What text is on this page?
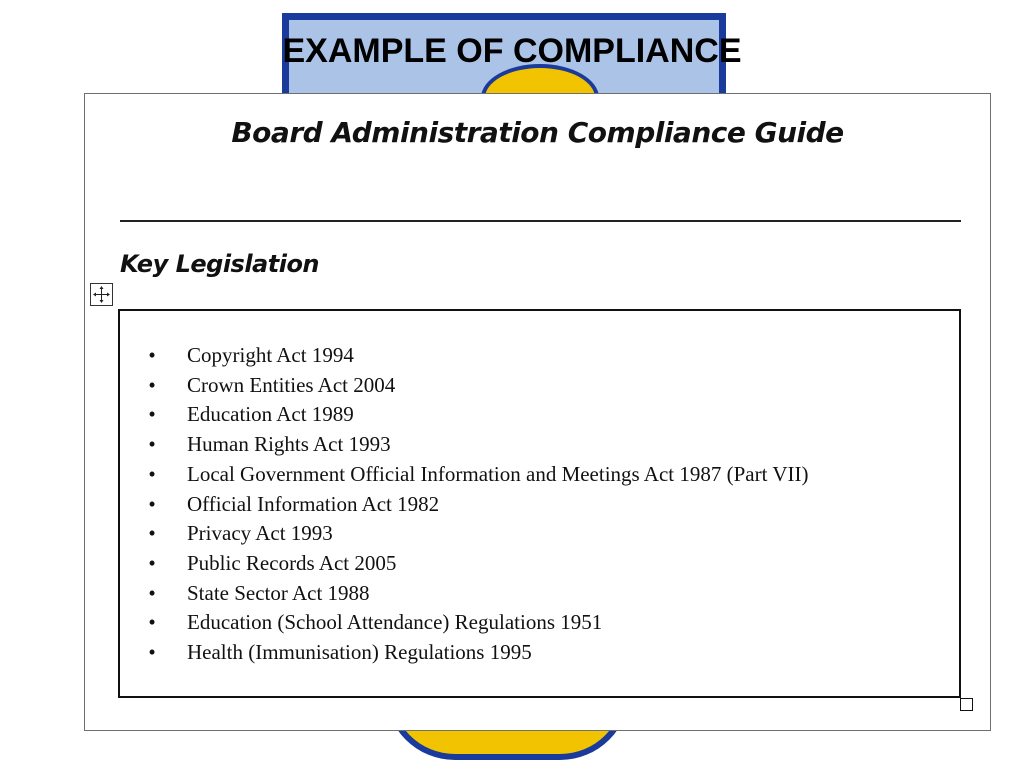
EXAMPLE OF COMPLIANCE
Board Administration Compliance Guide
Key Legislation
• Copyright Act 1994
• Crown Entities Act 2004
• Education Act 1989
• Human Rights Act 1993
• Local Government Official Information and Meetings Act 1987 (Part VII)
• Official Information Act 1982
• Privacy Act 1993
• Public Records Act 2005
• State Sector Act 1988
• Education (School Attendance) Regulations 1951
• Health (Immunisation) Regulations 1995
